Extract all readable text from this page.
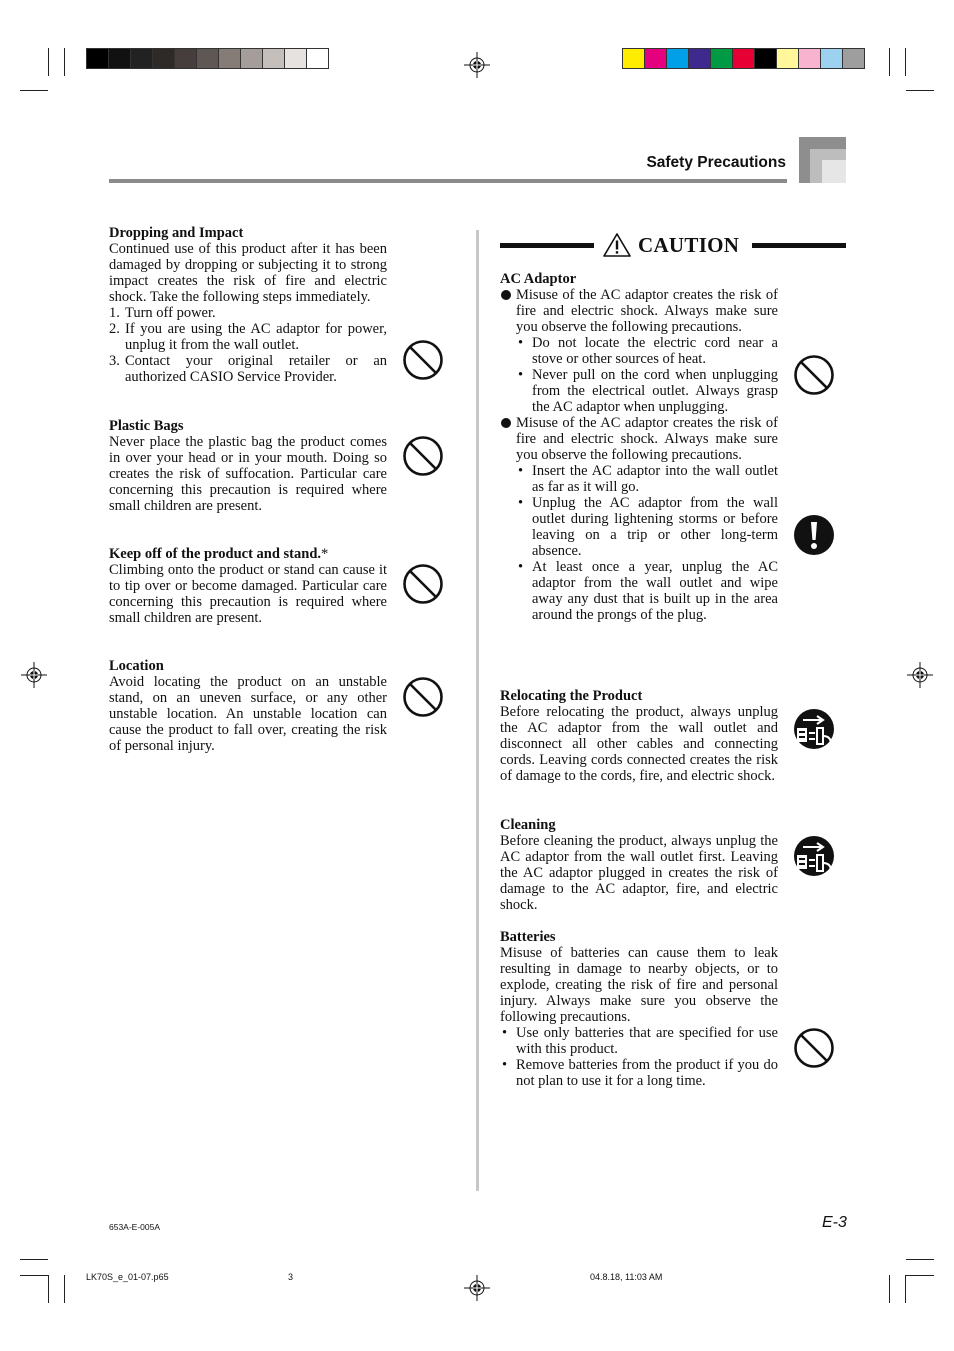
Safety Precautions
Dropping and Impact

Continued use of this product after it has been damaged by dropping or subjecting it to strong impact creates the risk of fire and electric shock. Take the following steps immediately.

1. Turn off power.
2. If you are using the AC adaptor for power, unplug it from the wall outlet.
3. Contact your original retailer or an authorized CASIO Service Provider.
Plastic Bags

Never place the plastic bag the product comes in over your head or in your mouth. Doing so creates the risk of suffocation. Particular care concerning this precaution is required where small children are present.

Keep off of the product and stand.*

Climbing onto the product or stand can cause it to tip over or become damaged. Particular care concerning this precaution is required where small children are present.

Location

Avoid locating the product on an unstable stand, on an uneven surface, or any other unstable location. An unstable location can cause the product to fall over, creating the risk of personal injury.

CAUTION
AC Adaptor
Misuse of the AC adaptor creates the risk of fire and electric shock. Always make sure you observe the following precautions.
• Do not locate the electric cord near a stove or other sources of heat.
• Never pull on the cord when unplugging from the electrical outlet. Always grasp the AC adaptor when unplugging.
Misuse of the AC adaptor creates the risk of fire and electric shock. Always make sure you observe the following precautions.
• Insert the AC adaptor into the wall outlet as far as it will go.
• Unplug the AC adaptor from the wall outlet during lightening storms or before leaving on a trip or other long-term absence.
• At least once a year, unplug the AC adaptor from the wall outlet and wipe away any dust that is built up in the area around the prongs of the plug.
Relocating the Product

Before relocating the product, always unplug the AC adaptor from the wall outlet and disconnect all other cables and connecting cords. Leaving cords connected creates the risk of damage to the cords, fire, and electric shock.

Cleaning

Before cleaning the product, always unplug the AC adaptor from the wall outlet first. Leaving the AC adaptor plugged in creates the risk of damage to the AC adaptor, fire, and electric shock.

Batteries

Misuse of batteries can cause them to leak resulting in damage to nearby objects, or to explode, creating the risk of fire and personal injury. Always make sure you observe the following precautions.

• Use only batteries that are specified for use with this product.
• Remove batteries from the product if you do not plan to use it for a long time.
653A-E-005A	E-3
LK70S_e_01-07.p65	3	04.8.18, 11:03 AM
